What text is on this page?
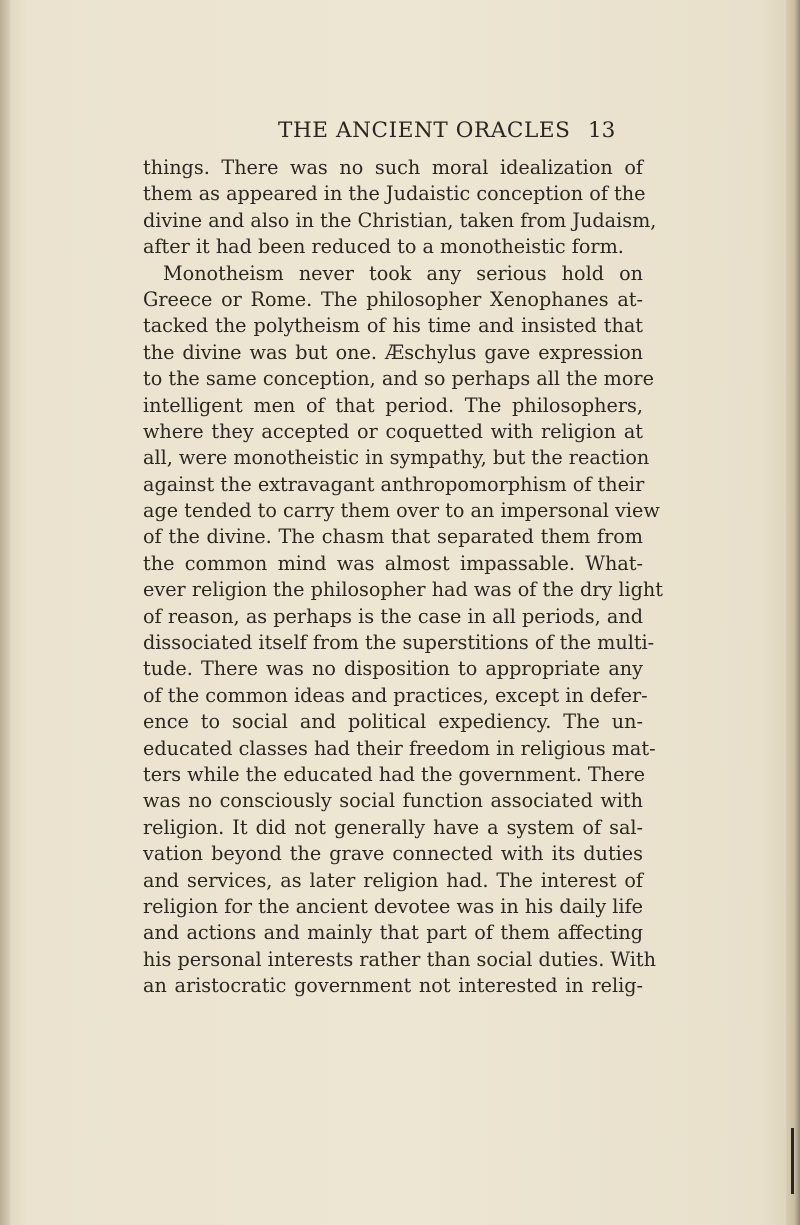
THE ANCIENT ORACLES 13
things. There was no such moral idealization of
them as appeared in the Judaistic conception of the
divine and also in the Christian, taken from Judaism,
after it had been reduced to a monotheistic form.
Monotheism never took any serious hold on
Greece or Rome. The philosopher Xenophanes at-
tacked the polytheism of his time and insisted that
the divine was but one. Æschylus gave expression
to the same conception, and so perhaps all the more
intelligent men of that period. The philosophers,
where they accepted or coquetted with religion at
all, were monotheistic in sympathy, but the reaction
against the extravagant anthropomorphism of their
age tended to carry them over to an impersonal view
of the divine. The chasm that separated them from
the common mind was almost impassable. What-
ever religion the philosopher had was of the dry light
of reason, as perhaps is the case in all periods, and
dissociated itself from the superstitions of the multi-
tude. There was no disposition to appropriate any
of the common ideas and practices, except in defer-
ence to social and political expediency. The un-
educated classes had their freedom in religious mat-
ters while the educated had the government. There
was no consciously social function associated with
religion. It did not generally have a system of sal-
vation beyond the grave connected with its duties
and services, as later religion had. The interest of
religion for the ancient devotee was in his daily life
and actions and mainly that part of them affecting
his personal interests rather than social duties. With
an aristocratic government not interested in relig-
